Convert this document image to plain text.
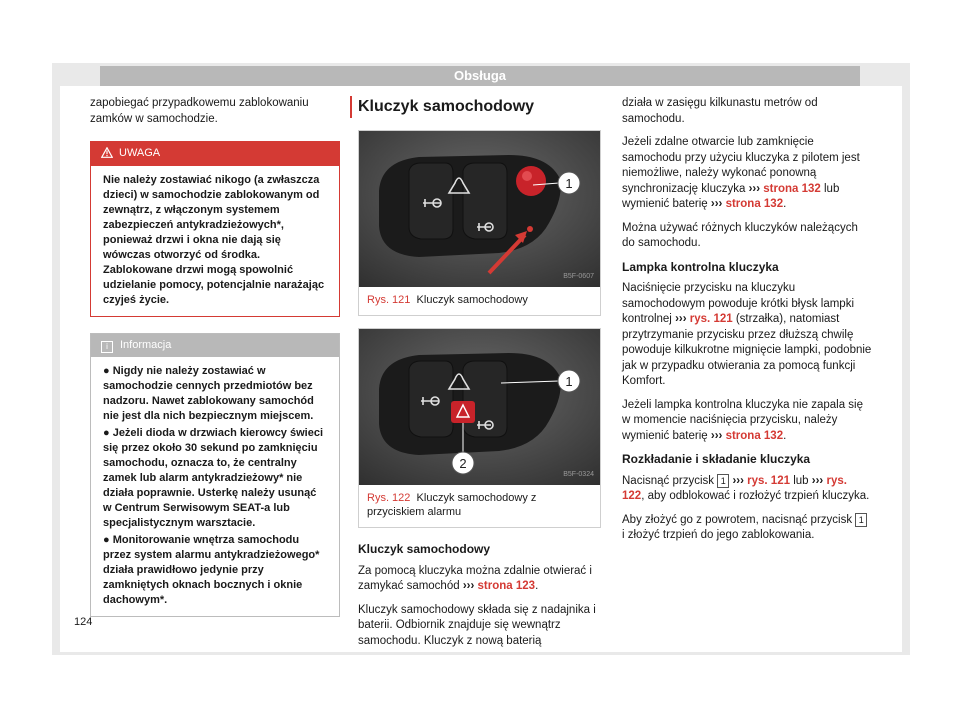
Obsługa

zapobiegać przypadkowemu zablokowaniu zamków w samochodzie.

UWAGA
Nie należy zostawiać nikogo (a zwłaszcza dzieci) w samochodzie zablokowanym od zewnątrz, z włączonym systemem zabezpieczeń antykradzieżowych*, ponieważ drzwi i okna nie dają się wówczas otworzyć od środka. Zablokowane drzwi mogą spowolnić udzielanie pomocy, potencjalnie narażając czyjeś życie.
i Informacja

● Nigdy nie należy zostawiać w samochodzie cennych przedmiotów bez nadzoru. Nawet zablokowany samochód nie jest dla nich bezpiecznym miejscem.

● Jeżeli dioda w drzwiach kierowcy świeci się przez około 30 sekund po zamknięciu samochodu, oznacza to, że centralny zamek lub alarm antykradzieżowy* nie działa poprawnie. Usterkę należy usunąć w Centrum Serwisowym SEAT-a lub specjalistycznym warsztacie.

● Monitorowanie wnętrza samochodu przez system alarmu antykradzieżowego* działa prawidłowo jedynie przy zamkniętych oknach bocznych i oknie dachowym*.

Kluczyk samochodowy
1
B5F-0607
Rys. 121 Kluczyk samochodowy
1
2
B5F-0324
Rys. 122 Kluczyk samochodowy z przyciskiem alarmu
Kluczyk samochodowy

Za pomocą kluczyka można zdalnie otwierać i zamykać samochód ››› strona 123.

Kluczyk samochodowy składa się z nadajnika i baterii. Odbiornik znajduje się wewnątrz samochodu. Kluczyk z nową baterią

działa w zasięgu kilkunastu metrów od samochodu.

Jeżeli zdalne otwarcie lub zamknięcie samochodu przy użyciu kluczyka z pilotem jest niemożliwe, należy wykonać ponowną synchronizację kluczyka ››› strona 132 lub wymienić baterię ››› strona 132.

Można używać różnych kluczyków należących do samochodu.

Lampka kontrolna kluczyka

Naciśnięcie przycisku na kluczyku samochodowym powoduje krótki błysk lampki kontrolnej ››› rys. 121 (strzałka), natomiast przytrzymanie przycisku przez dłuższą chwilę powoduje kilkukrotne mignięcie lampki, podobnie jak w przypadku otwierania za pomocą funkcji Komfort.

Jeżeli lampka kontrolna kluczyka nie zapala się w momencie naciśnięcia przycisku, należy wymienić baterię ››› strona 132.

Rozkładanie i składanie kluczyka

Nacisnąć przycisk 1 ››› rys. 121 lub ››› rys. 122, aby odblokować i rozłożyć trzpień kluczyka.

Aby złożyć go z powrotem, nacisnąć przycisk 1 i złożyć trzpień do jego zablokowania.

124
